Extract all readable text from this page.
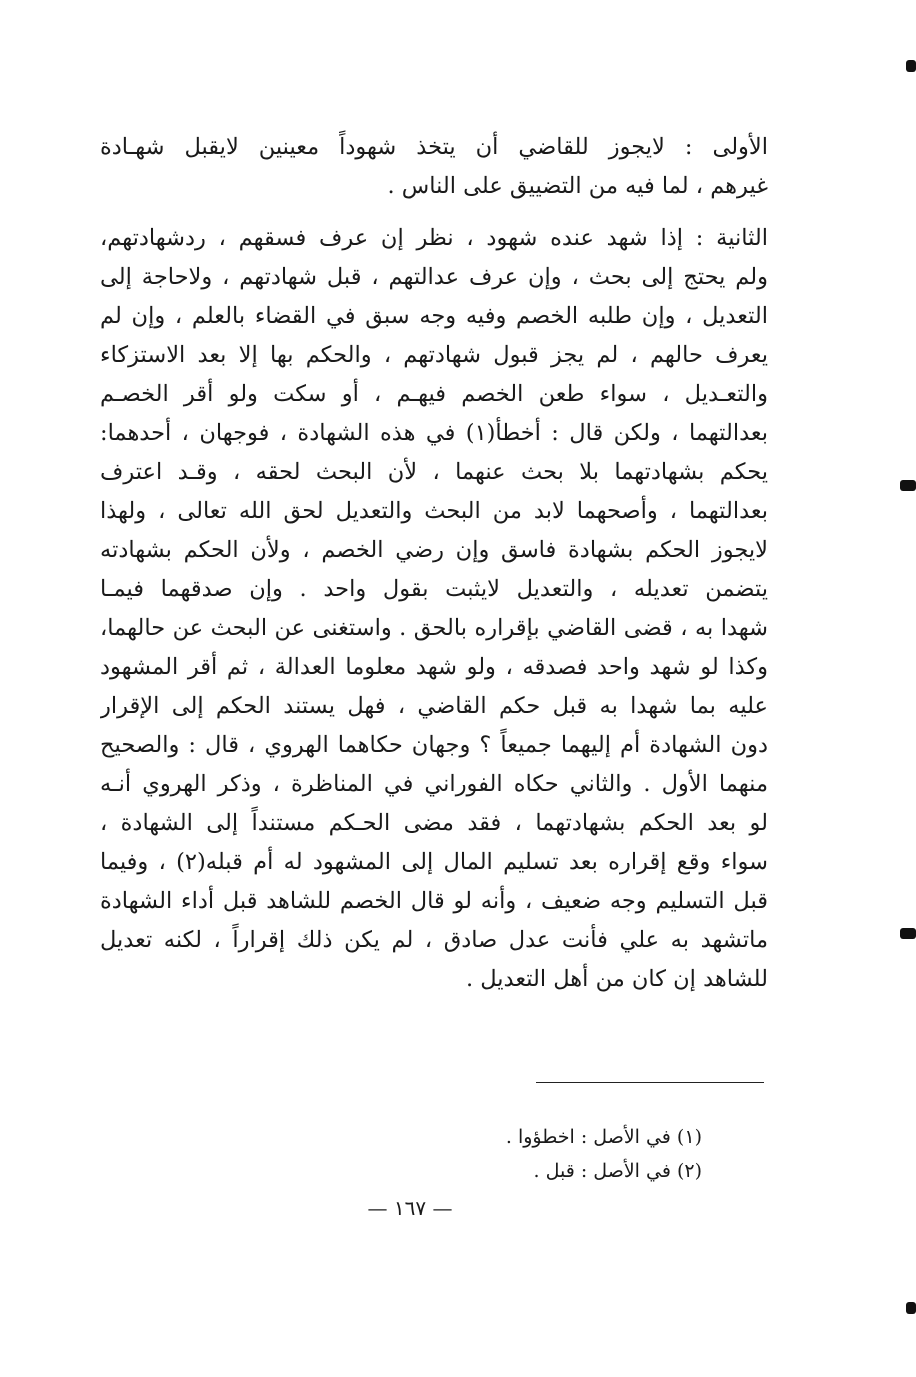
الأولى : لايجوز للقاضي أن يتخذ شهوداً معينين لايقبل شهـادة
غيرهم ، لما فيه من التضييق على الناس .
الثانية : إذا شهد عنده شهود ، نظر إن عرف فسقهم ، ردشهادتهم،
ولم يحتج إلى بحث ، وإن عرف عدالتهم ، قبل شهادتهم ، ولاحاجة إلى
التعديل ، وإن طلبه الخصم وفيه وجه سبق في القضاء بالعلم ، وإن لم
يعرف حالهم ، لم يجز قبول شهادتهم ، والحكم بها إلا بعد الاستزكاء
والتعـديل ، سواء طعن الخصم فيهـم ، أو سكت ولو أقر الخصـم
بعدالتهما ، ولكن قال : أخطأ(١) في هذه الشهادة ، فوجهان ، أحدهما:
يحكم بشهادتهما بلا بحث عنهما ، لأن البحث لحقه ، وقـد اعترف
بعدالتهما ، وأصحهما لابد من البحث والتعديل لحق الله تعالى ، ولهذا
لايجوز الحكم بشهادة فاسق وإن رضي الخصم ، ولأن الحكم بشهادته
يتضمن تعديله ، والتعديل لايثبت بقول واحد . وإن صدقهما فيمـا
شهدا به ، قضى القاضي بإقراره بالحق . واستغنى عن البحث عن حالهما،
وكذا لو شهد واحد فصدقه ، ولو شهد معلوما العدالة ، ثم أقر المشهود
عليه بما شهدا به قبل حكم القاضي ، فهل يستند الحكم إلى الإقرار
دون الشهادة أم إليهما جميعاً ؟ وجهان حكاهما الهروي ، قال : والصحيح
منهما الأول . والثاني حكاه الفوراني في المناظرة ، وذكر الهروي أنـه
لو بعد الحكم بشهادتهما ، فقد مضى الحـكم مستنداً إلى الشهادة ،
سواء وقع إقراره بعد تسليم المال إلى المشهود له أم قبله(٢) ، وفيما
قبل التسليم وجه ضعيف ، وأنه لو قال الخصم للشاهد قبل أداء الشهادة
ماتشهد به علي فأنت عدل صادق ، لم يكن ذلك إقراراً ، لكنه تعديل
للشاهد إن كان من أهل التعديل .
(١) في الأصل : اخطؤوا .
(٢) في الأصل : قبل .
— ١٦٧ —
